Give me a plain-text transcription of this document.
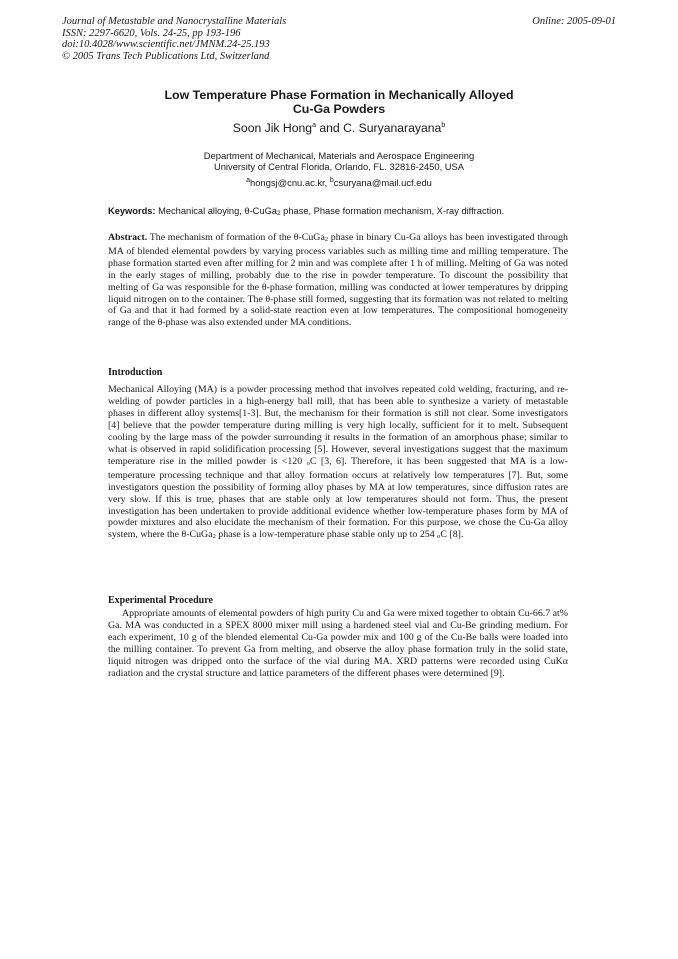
Journal of Metastable and Nanocrystalline Materials
ISSN: 2297-6620, Vols. 24-25, pp 193-196
doi:10.4028/www.scientific.net/JMNM.24-25.193
© 2005 Trans Tech Publications Ltd, Switzerland
Online: 2005-09-01
Low Temperature Phase Formation in Mechanically Alloyed
Cu-Ga Powders
Soon Jik Hong$^a$ and C. Suryanarayana$^b$
Department of Mechanical, Materials and Aerospace Engineering
University of Central Florida, Orlando, FL. 32816-2450, USA
$^a$hongsj@cnu.ac.kr, $^b$csuryana@mail.ucf.edu
Keywords: Mechanical alloying, θ-CuGa$_2$ phase, Phase formation mechanism, X-ray diffraction.

Abstract. The mechanism of formation of the θ-CuGa$_2$ phase in binary Cu-Ga alloys has been investigated through MA of blended elemental powders by varying process variables such as milling time and milling temperature. The phase formation started even after milling for 2 min and was complete after 1 h of milling. Melting of Ga was noted in the early stages of milling, probably due to the rise in powder temperature. To discount the possibility that melting of Ga was responsible for the θ-phase formation, milling was conducted at lower temperatures by dripping liquid nitrogen on to the container. The θ-phase still formed, suggesting that its formation was not related to melting of Ga and that it had formed by a solid-state reaction even at low temperatures. The compositional homogeneity range of the θ-phase was also extended under MA conditions.

Introduction

Mechanical Alloying (MA) is a powder processing method that involves repeated cold welding, fracturing, and re-welding of powder particles in a high-energy ball mill, that has been able to synthesize a variety of metastable phases in different alloy systems[1-3]. But, the mechanism for their formation is still not clear. Some investigators [4] believe that the powder temperature during milling is very high locally, sufficient for it to melt. Subsequent cooling by the large mass of the powder surrounding it results in the formation of an amorphous phase; similar to what is observed in rapid solidification processing [5]. However, several investigations suggest that the maximum temperature rise in the milled powder is <120 $^o$C [3, 6]. Therefore, it has been suggested that MA is a low-temperature processing technique and that alloy formation occurs at relatively low temperatures [7]. But, some investigators question the possibility of forming alloy phases by MA at low temperatures, since diffusion rates are very slow. If this is true, phases that are stable only at low temperatures should not form. Thus, the present investigation has been undertaken to provide additional evidence whether low-temperature phases form by MA of powder mixtures and also elucidate the mechanism of their formation. For this purpose, we chose the Cu-Ga alloy system, where the θ-CuGa$_2$ phase is a low-temperature phase stable only up to 254 $^o$C [8].

Experimental Procedure

Appropriate amounts of elemental powders of high purity Cu and Ga were mixed together to obtain Cu-66.7 at% Ga. MA was conducted in a SPEX 8000 mixer mill using a hardened steel vial and Cu-Be grinding medium. For each experiment, 10 g of the blended elemental Cu-Ga powder mix and 100 g of the Cu-Be balls were loaded into the milling container. To prevent Ga from melting, and observe the alloy phase formation truly in the solid state, liquid nitrogen was dripped onto the surface of the vial during MA. XRD patterns were recorded using CuKα radiation and the crystal structure and lattice parameters of the different phases were determined [9].
